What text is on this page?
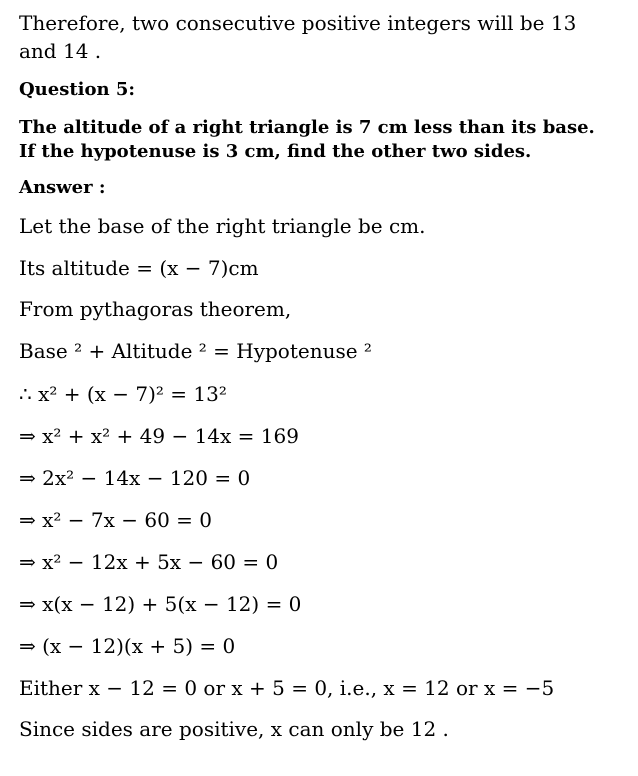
Therefore, two consecutive positive integers will be 13
and 14 .
Question 5:
The altitude of a right triangle is 7 cm less than its base.
If the hypotenuse is 3 cm, find the other two sides.
Answer :
Let the base of the right triangle be cm.
Its altitude = (x − 7)cm
From pythagoras theorem,
Base ² + Altitude ² = Hypotenuse ²
∴ x² + (x − 7)² = 13²
⇒ x² + x² + 49 − 14x = 169
⇒ 2x² − 14x − 120 = 0
⇒ x² − 7x − 60 = 0
⇒ x² − 12x + 5x − 60 = 0
⇒ x(x − 12) + 5(x − 12) = 0
⇒ (x − 12)(x + 5) = 0
Either x − 12 = 0 or x + 5 = 0, i.e., x = 12 or x = −5
Since sides are positive, x can only be 12 .
